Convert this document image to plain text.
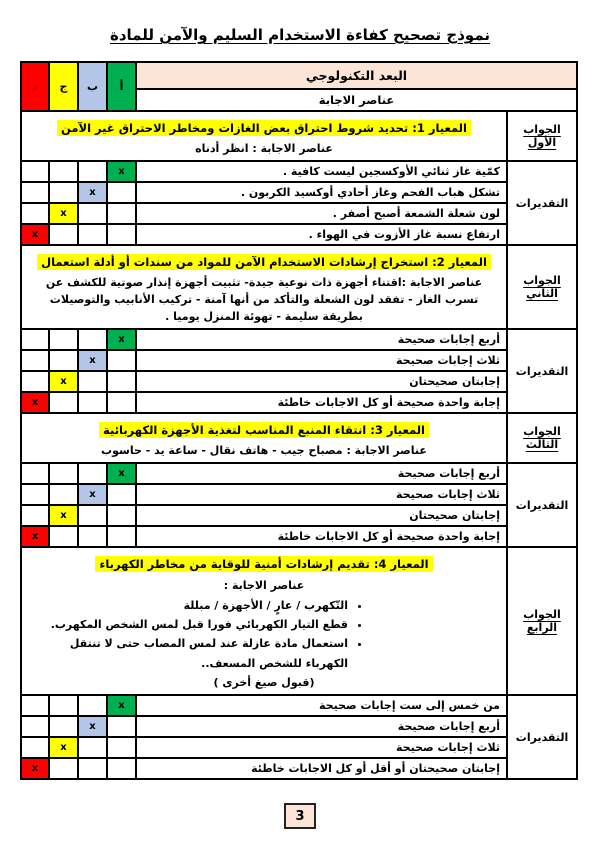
نموذج تصحيح كفاءة الاستخدام السليم والآمن للمادة
البعد التكنولوجي		أ	ب	ج	د
عناصر الاجابة					
الجواب الأول	المعيار 1: تحديد شروط احتراق بعض الغازات ومخاطر الاحتراق غير الآمن
عناصر الاجابة : انظر أدناه				

التقديرات	كمّية غاز ثنائي الأوكسجين ليست كافية .	x			
	تشكل هباب الفحم وغاز أحادي أوكسيد الكربون .		x		
	لون شعلة الشمعة أصبح أصفر .			x	
	ارتفاع نسبة غاز الأزوت في الهواء .				x
الجواب الثاني	المعيار 2: استخراج إرشادات الاستخدام الآمن للمواد من سندات أو أدلة استعمال
عناصر الاجابة :اقتناء أجهزة ذات نوعية جيدة- تثبيت أجهزة إنذار صوتية للكشف عن تسرب الغاز - تفقد لون الشعلة والتأكد من أنها آمنة - تركيب الأنابيب والتوصيلات بطريقة سليمة - تهوئة المنزل يوميا .				

التقديرات	أربع إجابات صحيحة	x			
	ثلاث إجابات صحيحة		x		
	إجابتان صحيحتان			x	
	إجابة واحدة صحيحة أو كل الاجابات خاطئة				x
الجواب الثالث	المعيار 3: انتقاء المنبع المناسب لتغذية الأجهزة الكهربائية
عناصر الاجابة : مصباح جيب - هاتف نقال - ساعة يد - حاسوب				

التقديرات	أربع إجابات صحيحة	x			
	ثلاث إجابات صحيحة		x		
	إجابتان صحيحتان			x	
	إجابة واحدة صحيحة أو كل الاجابات خاطئة				x
الجواب الرابع	
المعيار 4: تقديم إرشادات أمنية للوقاية من مخاطر الكهرباء
عناصر الاجابة :
• التّكهرب / عارٍ / الأجهزة / مبللة
• قطع التيار الكهربائي فورا قبل لمس الشخص المكهرب.
• استعمال مادة عازلة عند لمس المصاب حتى لا تنتقل الكهرباء للشخص المسعف..
(قبول صيغ أخرى )

التقديرات	من خمس إلى ست إجابات صحيحة	x			
	أربع إجابات صحيحة		x		
	ثلاث إجابات صحيحة			x	
	إجابتان صحيحتان أو أقل أو كل الاجابات خاطئة				x
3
